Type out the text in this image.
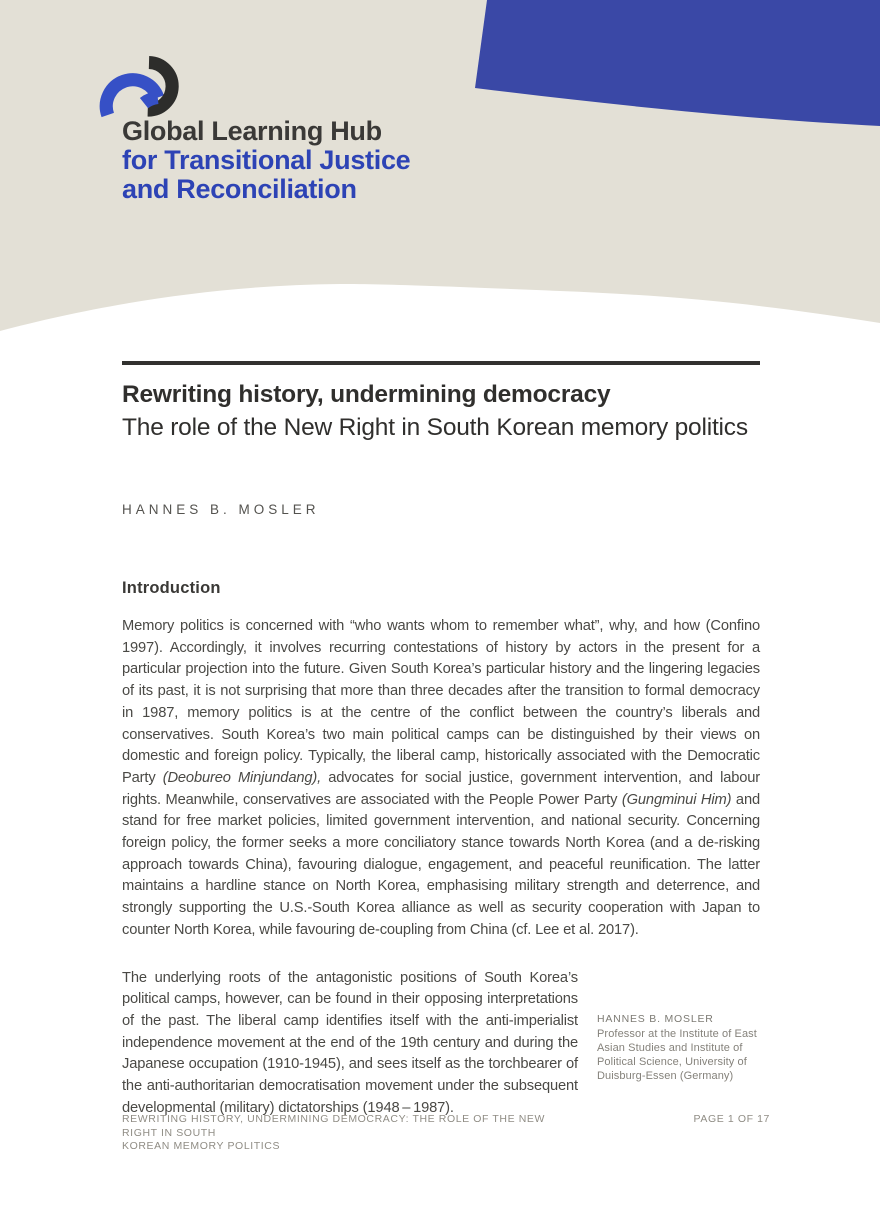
Global Learning Hub
for Transitional Justice
and Reconciliation
Rewriting history, undermining democracy
The role of the New Right in South Korean memory politics
HANNES B. MOSLER
Introduction

Memory politics is concerned with “who wants whom to remember what”, why, and how (Confino 1997). Accordingly, it involves recurring contestations of history by actors in the present for a particular projection into the future. Given South Korea’s particular history and the lingering legacies of its past, it is not surprising that more than three decades after the transition to formal democracy in 1987, memory politics is at the centre of the conflict between the country’s liberals and conservatives. South Korea’s two main political camps can be distinguished by their views on domestic and foreign policy. Typically, the liberal camp, historically associated with the Democratic Party (Deobureo Minjundang), advocates for social justice, government intervention, and labour rights. Meanwhile, conservatives are associated with the People Power Party (Gungminui Him) and stand for free market policies, limited government intervention, and national security. Concerning foreign policy, the former seeks a more conciliatory stance towards North Korea (and a de-risking approach towards China), favouring dialogue, engagement, and peaceful reunification. The latter maintains a hardline stance on North Korea, emphasising military strength and deterrence, and strongly supporting the U.S.-South Korea alliance as well as security cooperation with Japan to counter North Korea, while favouring de-coupling from China (cf. Lee et al. 2017).

HANNES B. MOSLER
Professor at the Institute of East
Asian Studies and Institute of
Political Science, University of
Duisburg-Essen (Germany)
The underlying roots of the antagonistic positions of South Korea’s political camps, however, can be found in their opposing interpretations of the past. The liberal camp identifies itself with the anti-imperialist independence movement at the end of the 19th century and during the Japanese occupation (1910-1945), and sees itself as the torchbearer of the anti-authoritarian democratisation movement under the subsequent developmental (military) dictatorships (1948 – 1987).

REWRITING HISTORY, UNDERMINING DEMOCRACY: THE ROLE OF THE NEW RIGHT IN SOUTH
KOREAN MEMORY POLITICS
PAGE 1 OF 17
